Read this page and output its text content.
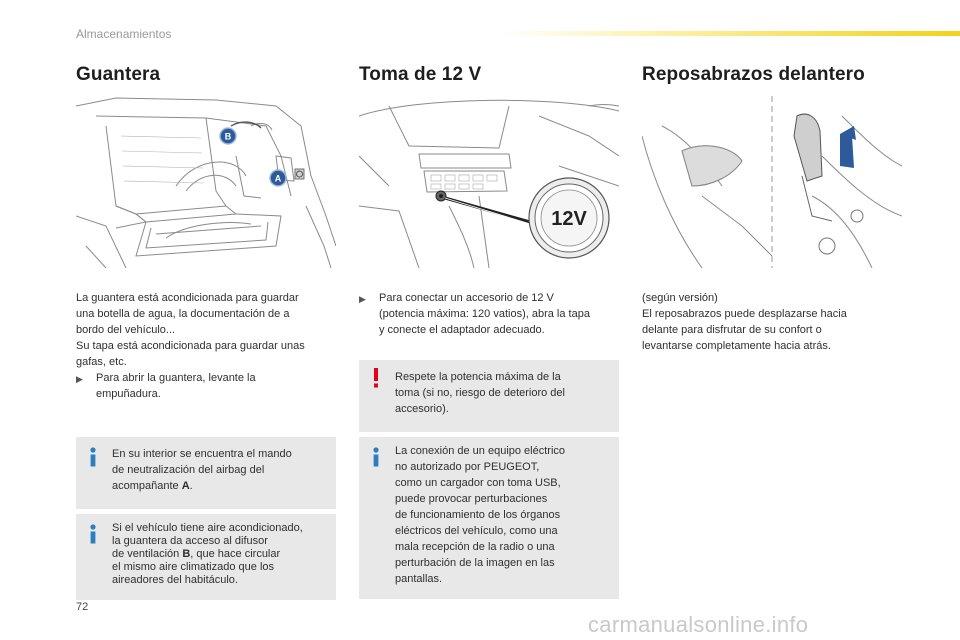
Almacenamientos
Guantera	Toma de 12 V	Reposabrazos delantero
B
A
12V

La guantera está acondicionada para guardar

una botella de agua, la documentación de a

bordo del vehículo...

Su tapa está acondicionada para guardar unas

gafas, etc.

▶	Para abrir la guantera, levante la
empuñadura.
En su interior se encuentra el mando
de neutralización del airbag del
acompañante A.
Si el vehículo tiene aire acondicionado,
la guantera da acceso al difusor
de ventilación B, que hace circular
el mismo aire climatizado que los
aireadores del habitáculo.
▶	Para conectar un accesorio de 12 V
(potencia máxima: 120 vatios), abra la tapa
y conecte el adaptador adecuado.
Respete la potencia máxima de la
toma (si no, riesgo de deterioro del
accesorio).
La conexión de un equipo eléctrico
no autorizado por PEUGEOT,
como un cargador con toma USB,
puede provocar perturbaciones
de funcionamiento de los órganos
eléctricos del vehículo, como una
mala recepción de la radio o una
perturbación de la imagen en las
pantallas.

(según versión)

El reposabrazos puede desplazarse hacia

delante para disfrutar de su confort o

levantarse completamente hacia atrás.

72
carmanualsonline.info
